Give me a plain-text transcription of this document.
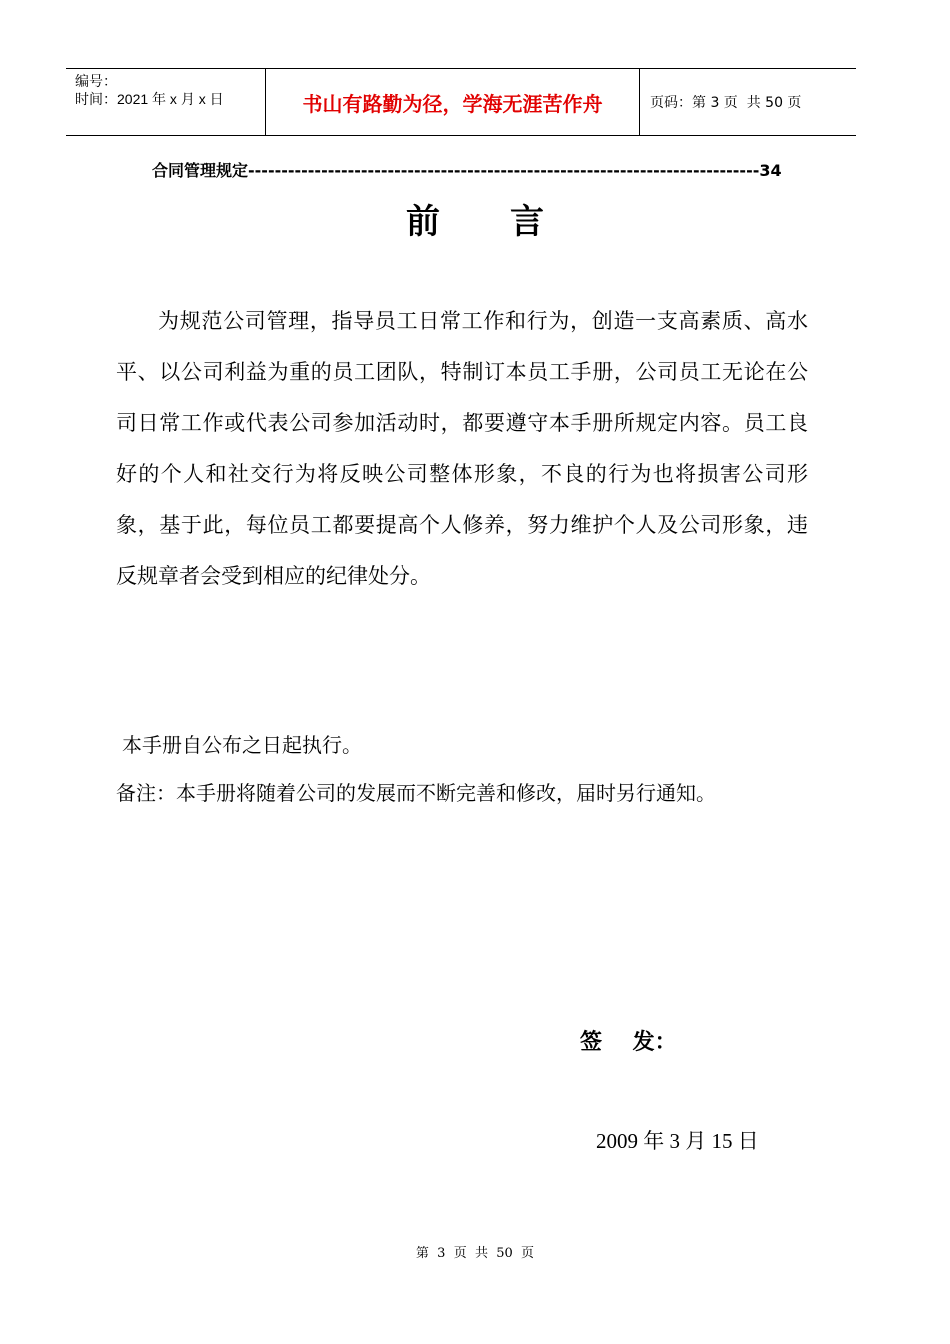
编号：
时间：2021 年 x 月 x 日	书山有路勤为径，学海无涯苦作舟	页码：第 3 页  共 50 页
合同管理规定-----------------------------------------------------------------------------34
前言
为规范公司管理，指导员工日常工作和行为，创造一支高素质、高水平、以公司利益为重的员工团队，特制订本员工手册，公司员工无论在公司日常工作或代表公司参加活动时，都要遵守本手册所规定内容。员工良好的个人和社交行为将反映公司整体形象，不良的行为也将损害公司形象，基于此，每位员工都要提高个人修养，努力维护个人及公司形象，违反规章者会受到相应的纪律处分。
本手册自公布之日起执行。
备注：本手册将随着公司的发展而不断完善和修改，届时另行通知。
签    发：
2009 年 3 月 15 日
第  3  页  共  50  页
